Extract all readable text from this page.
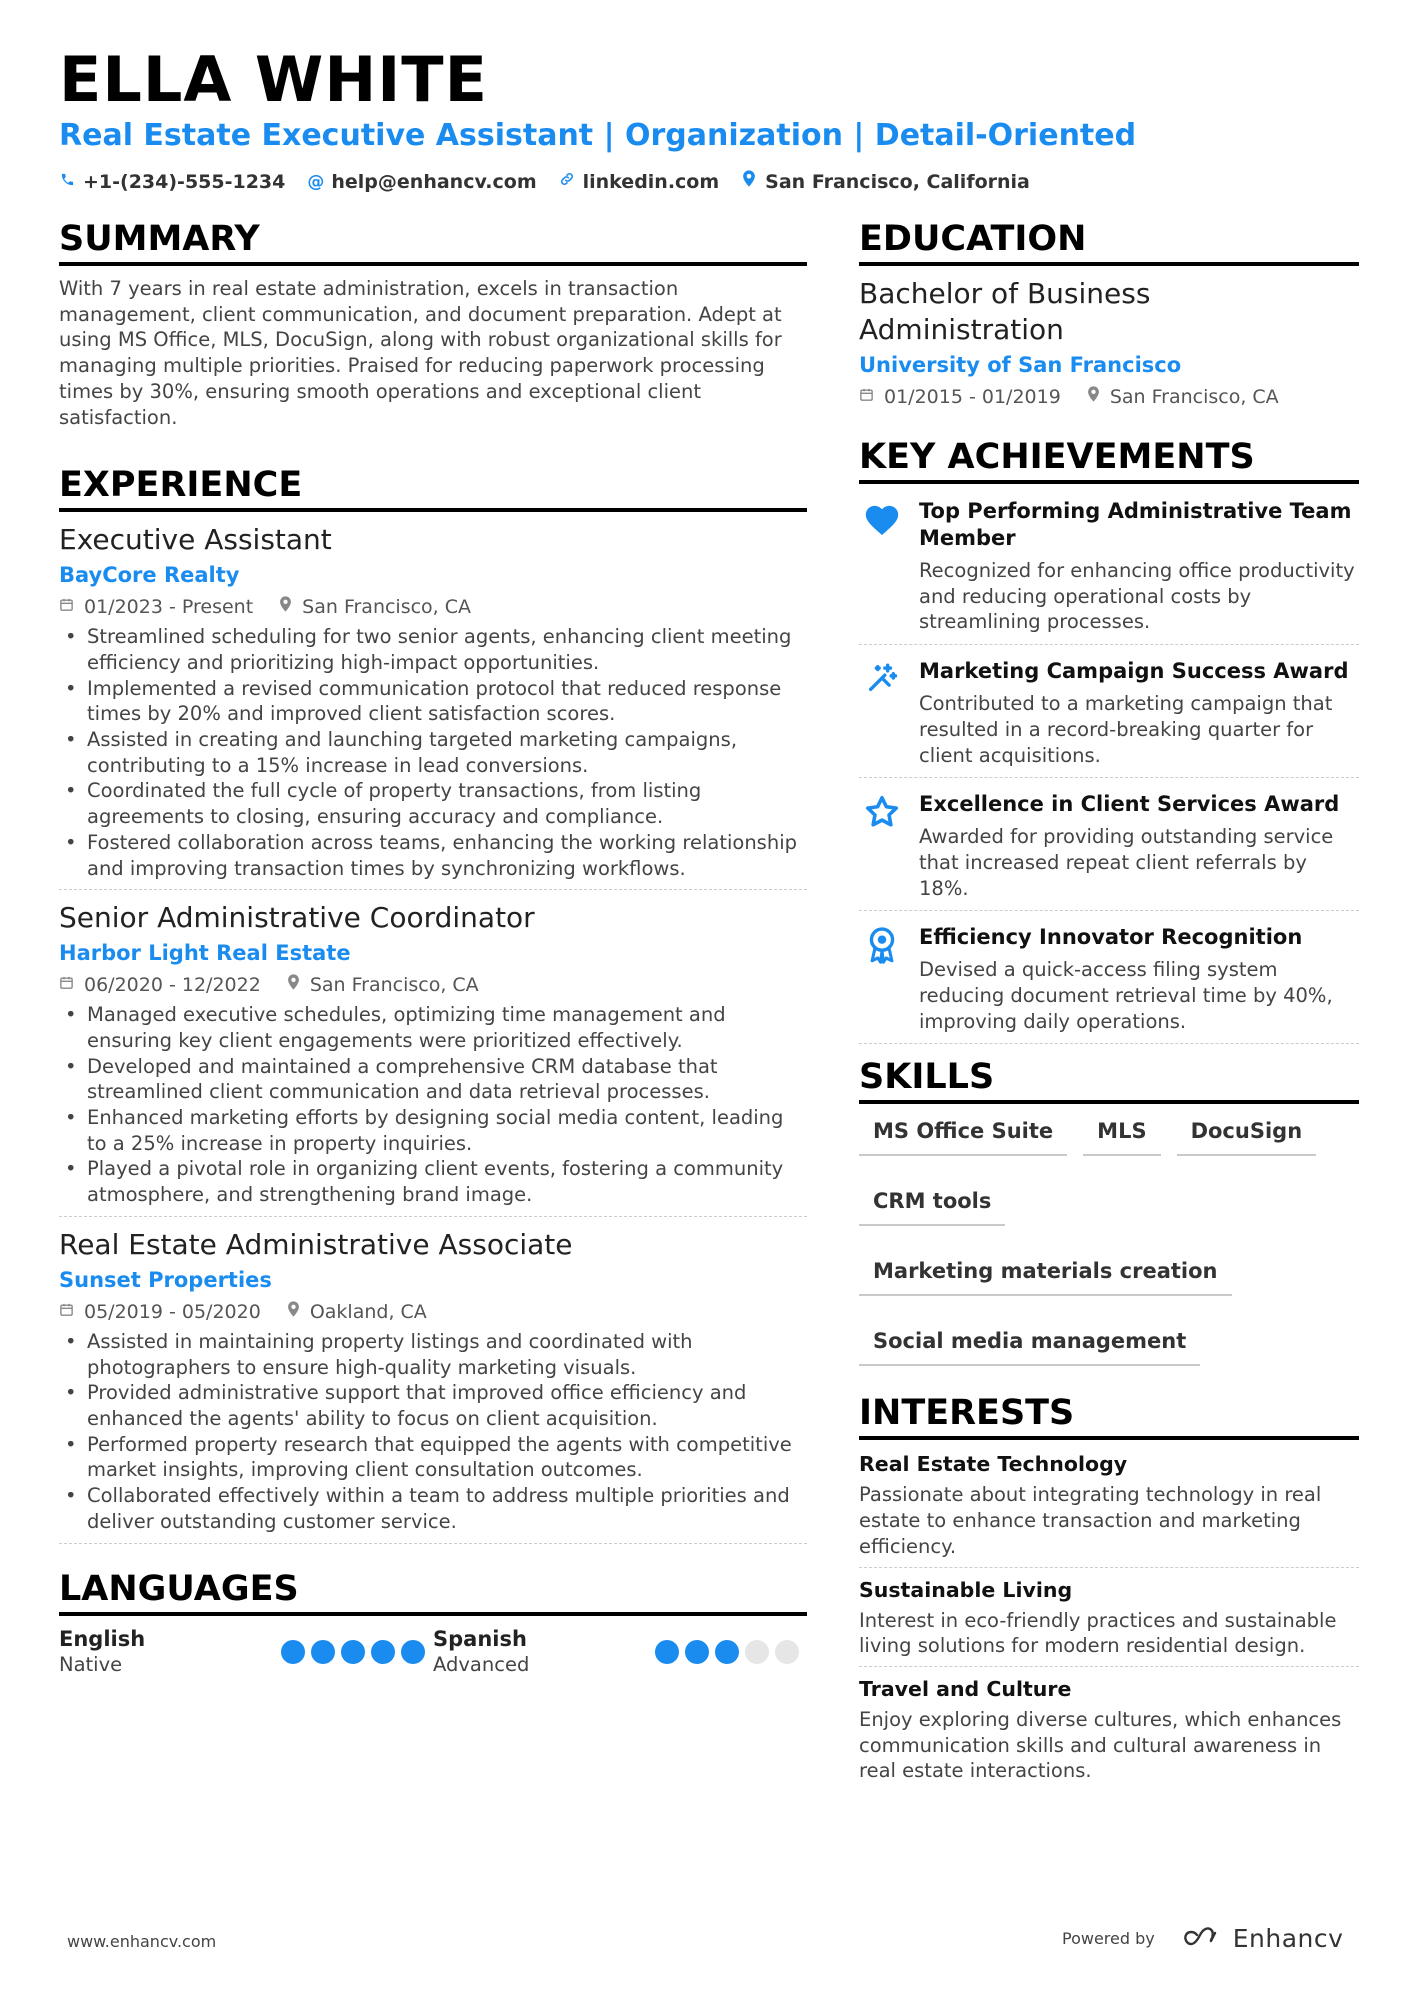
ELLA WHITE
Real Estate Executive Assistant | Organization | Detail-Oriented
+1-(234)-555-1234 @ help@enhancv.com linkedin.com San Francisco, California
SUMMARY
With 7 years in real estate administration, excels in transaction management, client communication, and document preparation. Adept at using MS Office, MLS, DocuSign, along with robust organizational skills for managing multiple priorities. Praised for reducing paperwork processing times by 30%, ensuring smooth operations and exceptional client satisfaction.
EXPERIENCE
Executive Assistant
BayCore Realty
01/2023 - Present	San Francisco, CA
• Streamlined scheduling for two senior agents, enhancing client meeting efficiency and prioritizing high-impact opportunities.
• Implemented a revised communication protocol that reduced response times by 20% and improved client satisfaction scores.
• Assisted in creating and launching targeted marketing campaigns, contributing to a 15% increase in lead conversions.
• Coordinated the full cycle of property transactions, from listing agreements to closing, ensuring accuracy and compliance.
• Fostered collaboration across teams, enhancing the working relationship and improving transaction times by synchronizing workflows.
Senior Administrative Coordinator
Harbor Light Real Estate
06/2020 - 12/2022	San Francisco, CA
• Managed executive schedules, optimizing time management and ensuring key client engagements were prioritized effectively.
• Developed and maintained a comprehensive CRM database that streamlined client communication and data retrieval processes.
• Enhanced marketing efforts by designing social media content, leading to a 25% increase in property inquiries.
• Played a pivotal role in organizing client events, fostering a community atmosphere, and strengthening brand image.
Real Estate Administrative Associate
Sunset Properties
05/2019 - 05/2020	Oakland, CA
• Assisted in maintaining property listings and coordinated with photographers to ensure high-quality marketing visuals.
• Provided administrative support that improved office efficiency and enhanced the agents' ability to focus on client acquisition.
• Performed property research that equipped the agents with competitive market insights, improving client consultation outcomes.
• Collaborated effectively within a team to address multiple priorities and deliver outstanding customer service.
LANGUAGES
English
Native
Spanish
Advanced
EDUCATION
Bachelor of Business Administration
University of San Francisco
01/2015 - 01/2019	San Francisco, CA
KEY ACHIEVEMENTS
Top Performing Administrative Team Member
Recognized for enhancing office productivity and reducing operational costs by streamlining processes.
Marketing Campaign Success Award
Contributed to a marketing campaign that resulted in a record-breaking quarter for client acquisitions.
Excellence in Client Services Award
Awarded for providing outstanding service that increased repeat client referrals by 18%.
Efficiency Innovator Recognition
Devised a quick-access filing system reducing document retrieval time by 40%, improving daily operations.
SKILLS
MS Office Suite	MLS	DocuSign
CRM tools
Marketing materials creation
Social media management
INTERESTS
Real Estate Technology
Passionate about integrating technology in real estate to enhance transaction and marketing efficiency.
Sustainable Living
Interest in eco-friendly practices and sustainable living solutions for modern residential design.
Travel and Culture
Enjoy exploring diverse cultures, which enhances communication skills and cultural awareness in real estate interactions.
www.enhancv.com	Powered by	Enhancv
